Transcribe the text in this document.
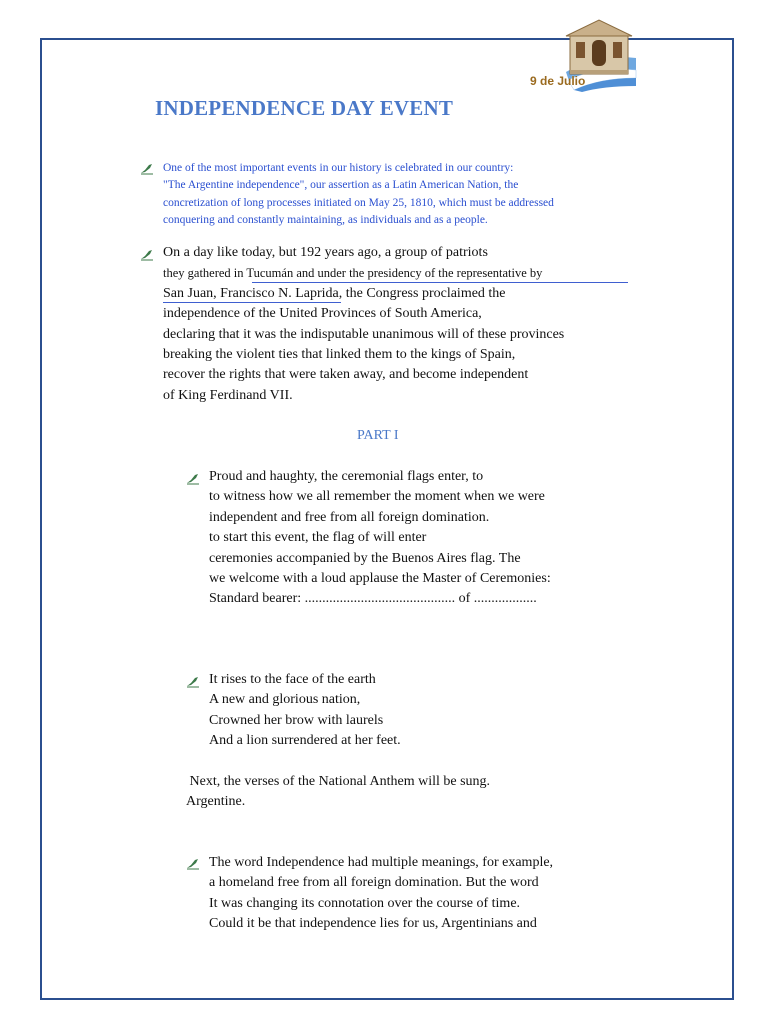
9 de Julio
INDEPENDENCE DAY EVENT
One of the most important events in our history is celebrated in our country:
"The Argentine independence", our assertion as a Latin American Nation, the
concretization of long processes initiated on May 25, 1810, which must be addressed
conquering and constantly maintaining, as individuals and as a people.
On a day like today, but 192 years ago, a group of patriots
they gathered in Tucumán and under the presidency of the representative by
San Juan, Francisco N. Laprida, the Congress proclaimed the
independence of the United Provinces of South America,
declaring that it was the indisputable unanimous will of these provinces
breaking the violent ties that linked them to the kings of Spain,
recover the rights that were taken away, and become independent
of King Ferdinand VII.
PART I
Proud and haughty, the ceremonial flags enter, to
to witness how we all remember the moment when we were
independent and free from all foreign domination.
to start this event, the flag of will enter
ceremonies accompanied by the Buenos Aires flag. The
we welcome with a loud applause the Master of Ceremonies:
Standard bearer: ........................................... of ..................
It rises to the face of the earth
A new and glorious nation,
Crowned her brow with laurels
And a lion surrendered at her feet.
Next, the verses of the National Anthem will be sung.
Argentine.
The word Independence had multiple meanings, for example,
a homeland free from all foreign domination. But the word
It was changing its connotation over the course of time.
Could it be that independence lies for us, Argentinians and
